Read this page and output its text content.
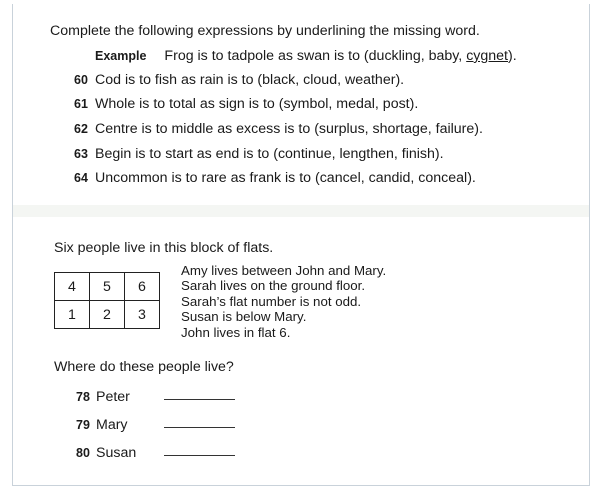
Complete the following expressions by underlining the missing word.
Example Frog is to tadpole as swan is to (duckling, baby, cygnet).
60 Cod is to fish as rain is to (black, cloud, weather).
61 Whole is to total as sign is to (symbol, medal, post).
62 Centre is to middle as excess is to (surplus, shortage, failure).
63 Begin is to start as end is to (continue, lengthen, finish).
64 Uncommon is to rare as frank is to (cancel, candid, conceal).
Six people live in this block of flats.
4	5	6
1	2	3
Amy lives between John and Mary.
Sarah lives on the ground floor.
Sarah’s flat number is not odd.
Susan is below Mary.
John lives in flat 6.
Where do these people live?
78 Peter
79 Mary
80 Susan
